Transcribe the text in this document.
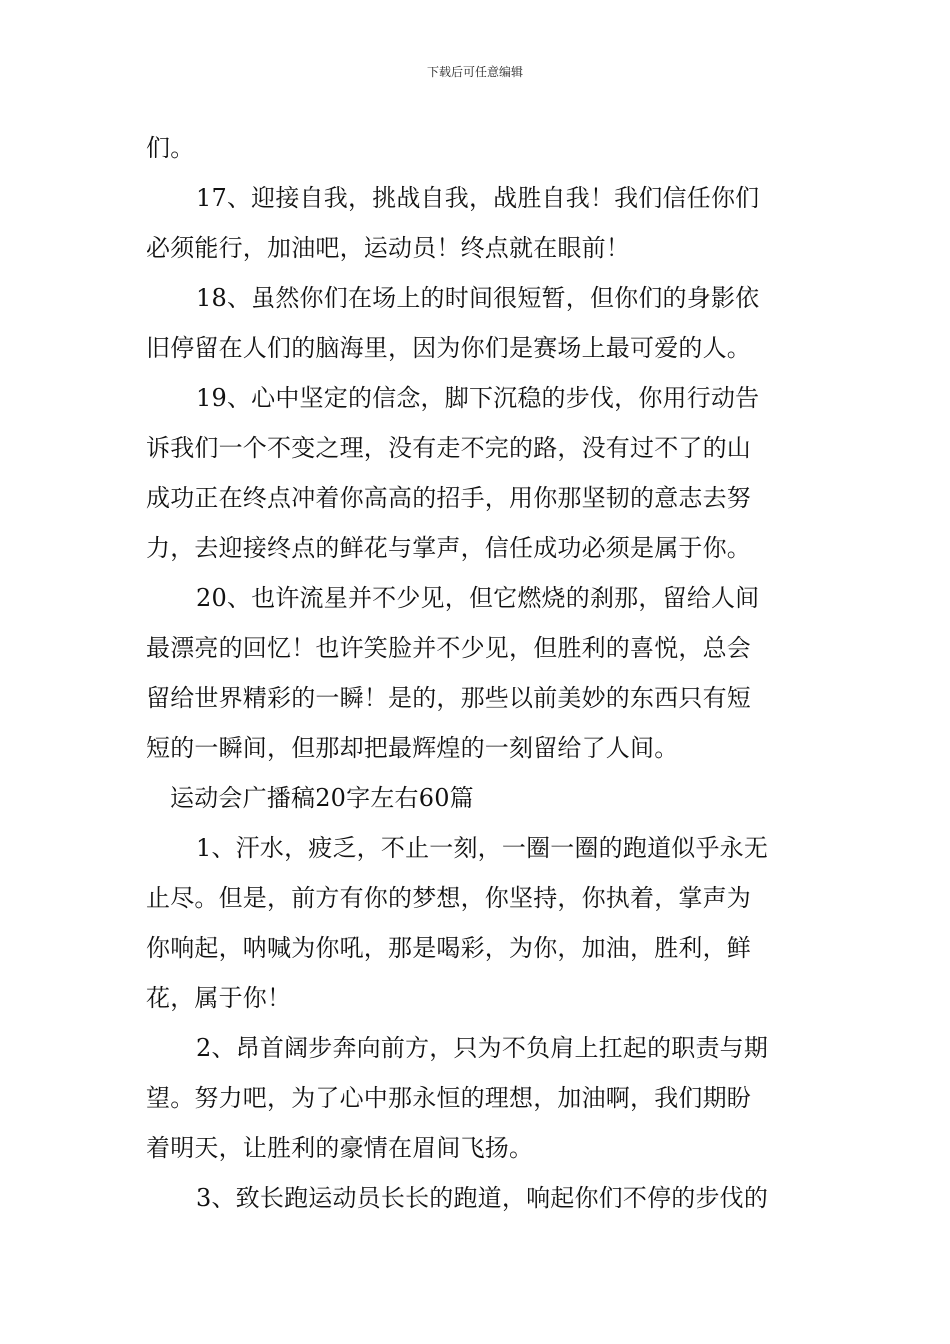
下载后可任意编辑
们。
17、迎接自我，挑战自我，战胜自我！我们信任你们
必须能行，加油吧，运动员！终点就在眼前！
18、虽然你们在场上的时间很短暂，但你们的身影依
旧停留在人们的脑海里，因为你们是赛场上最可爱的人。
19、心中坚定的信念，脚下沉稳的步伐，你用行动告
诉我们一个不变之理，没有走不完的路，没有过不了的山
成功正在终点冲着你高高的招手，用你那坚韧的意志去努
力，去迎接终点的鲜花与掌声，信任成功必须是属于你。
20、也许流星并不少见，但它燃烧的刹那，留给人间
最漂亮的回忆！也许笑脸并不少见，但胜利的喜悦，总会
留给世界精彩的一瞬！是的，那些以前美妙的东西只有短
短的一瞬间，但那却把最辉煌的一刻留给了人间。
运动会广播稿20字左右60篇
1、汗水，疲乏，不止一刻，一圈一圈的跑道似乎永无
止尽。但是，前方有你的梦想，你坚持，你执着，掌声为
你响起，呐喊为你吼，那是喝彩，为你，加油，胜利，鲜
花，属于你！
2、昂首阔步奔向前方，只为不负肩上扛起的职责与期
望。努力吧，为了心中那永恒的理想，加油啊，我们期盼
着明天，让胜利的豪情在眉间飞扬。
3、致长跑运动员长长的跑道，响起你们不停的步伐的
